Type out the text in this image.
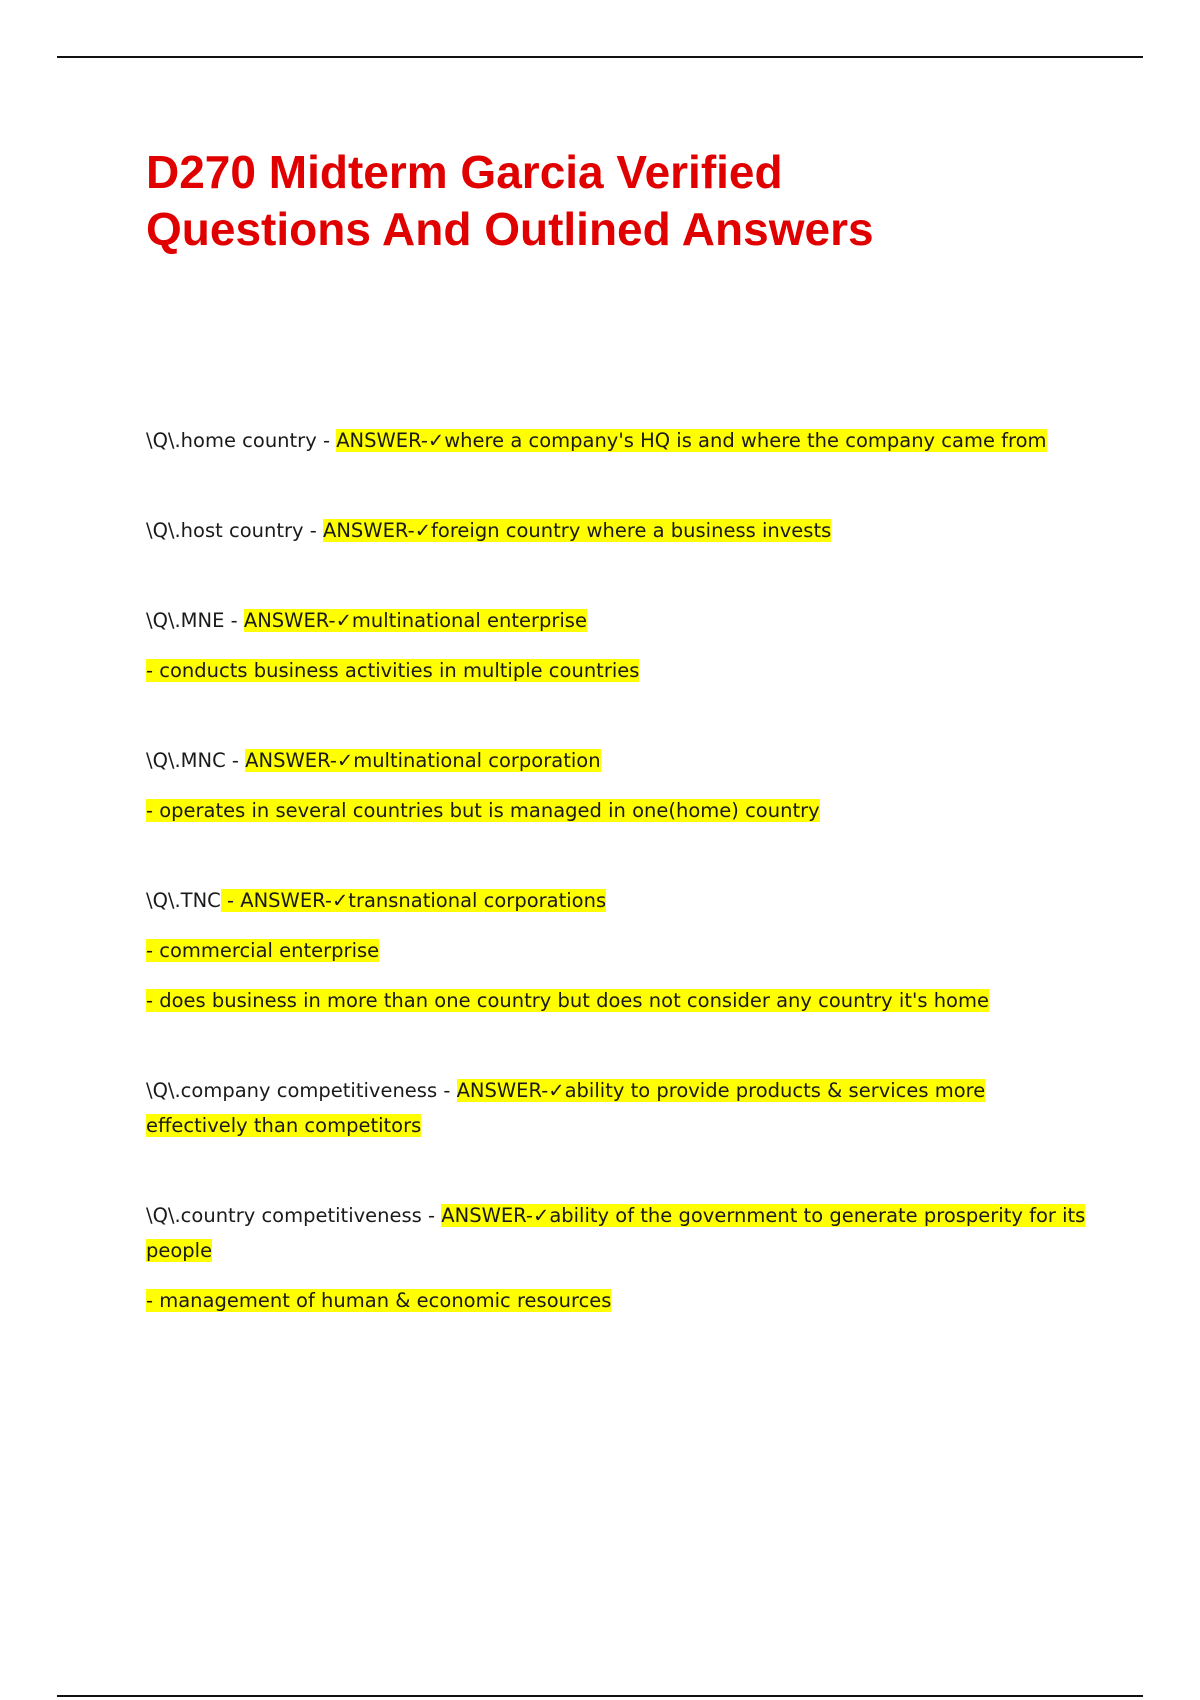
D270 Midterm Garcia Verified
Questions And Outlined Answers

\Q\.home country - ANSWER-✓where a company's HQ is and where the company came from

\Q\.host country - ANSWER-✓foreign country where a business invests

\Q\.MNE - ANSWER-✓multinational enterprise

- conducts business activities in multiple countries

\Q\.MNC - ANSWER-✓multinational corporation

- operates in several countries but is managed in one(home) country

\Q\.TNC - ANSWER-✓transnational corporations

- commercial enterprise

- does business in more than one country but does not consider any country it's home

\Q\.company competitiveness - ANSWER-✓ability to provide products & services more effectively than competitors

\Q\.country competitiveness - ANSWER-✓ability of the government to generate prosperity for its people

- management of human & economic resources
